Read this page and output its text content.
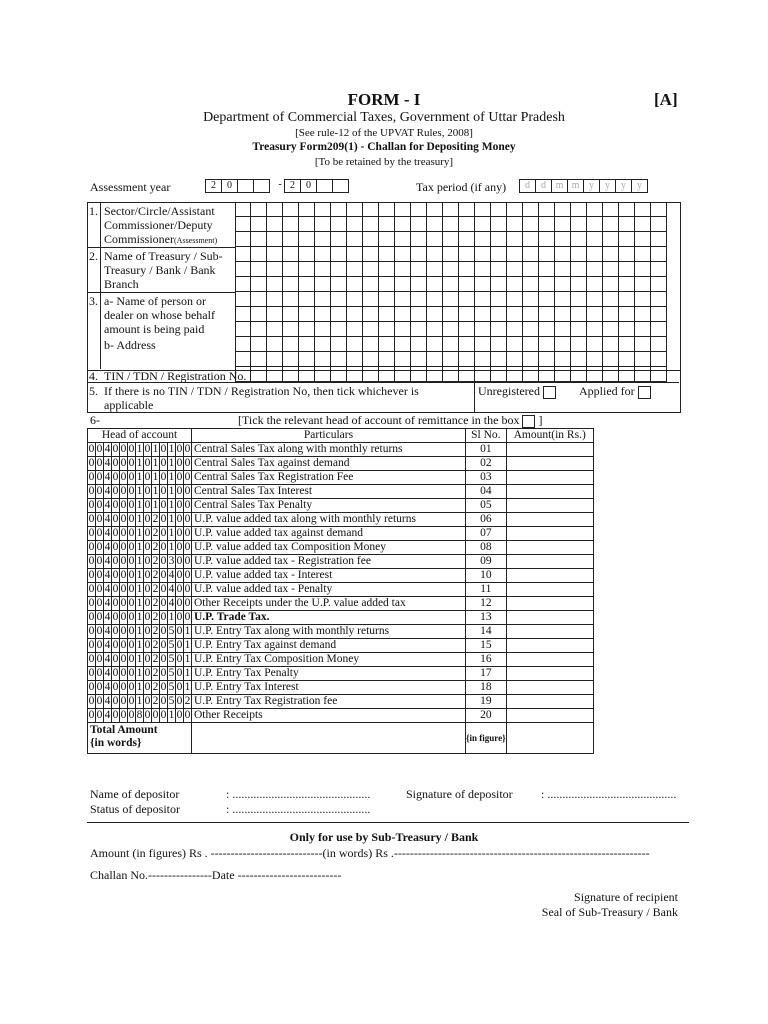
FORM - I	[A]
Department of Commercial Taxes, Government of Uttar Pradesh
[See rule-12 of the UPVAT Rules, 2008]
Treasury Form209(1) - Challan for Depositing Money
[To be retained by the treasury]
Assessment year	2 0	- 2 0	Tax period (if any)	d d m m y y y y
1. Sector/Circle/Assistant
Commissioner/Deputy
Commissioner(Assessment)
2. Name of Treasury / Sub-
Treasury / Bank / Bank
Branch
3. a- Name of person or
dealer on whose behalf
amount is being paid
b- Address
4. TIN / TDN / Registration No.
5. If there is no TIN / TDN / Registration No, then tick whichever is
applicable
Unregistered	Applied for
6-	[Tick the relevant head of account of remittance in the box  ]
Head of account													Particulars	Sl No.	Amount(in Rs.)
0	0	4	0	0	0	1	0	1	0	1	0	0	Central Sales Tax along with monthly returns	01	
0	0	4	0	0	0	1	0	1	0	1	0	0	Central Sales Tax against demand	02	
0	0	4	0	0	0	1	0	1	0	1	0	0	Central Sales Tax Registration Fee	03	
0	0	4	0	0	0	1	0	1	0	1	0	0	Central Sales Tax Interest	04	
0	0	4	0	0	0	1	0	1	0	1	0	0	Central Sales Tax Penalty	05	
0	0	4	0	0	0	1	0	2	0	1	0	0	U.P. value added tax along with monthly returns	06	
0	0	4	0	0	0	1	0	2	0	1	0	0	U.P. value added tax against demand	07	
0	0	4	0	0	0	1	0	2	0	1	0	0	U.P. value added tax Composition Money	08	
0	0	4	0	0	0	1	0	2	0	3	0	0	U.P. value added tax - Registration fee	09	
0	0	4	0	0	0	1	0	2	0	4	0	0	U.P. value added tax - Interest	10	
0	0	4	0	0	0	1	0	2	0	4	0	0	U.P. value added tax - Penalty	11	
0	0	4	0	0	0	1	0	2	0	4	0	0	Other Receipts under the U.P. value added tax	12	
0	0	4	0	0	0	1	0	2	0	1	0	0	U.P. Trade Tax.	13	
0	0	4	0	0	0	1	0	2	0	5	0	1	U.P. Entry Tax along with monthly returns	14	
0	0	4	0	0	0	1	0	2	0	5	0	1	U.P. Entry Tax against demand	15	
0	0	4	0	0	0	1	0	2	0	5	0	1	U.P. Entry Tax Composition Money	16	
0	0	4	0	0	0	1	0	2	0	5	0	1	U.P. Entry Tax Penalty	17	
0	0	4	0	0	0	1	0	2	0	5	0	1	U.P. Entry Tax Interest	18	
0	0	4	0	0	0	1	0	2	0	5	0	2	U.P. Entry Tax Registration fee	19	
0	0	4	0	0	0	8	0	0	0	1	0	0	Other Receipts	20	

Total Amount
{in words}														{in figure}	
Name of depositor	: ..............................................
Status of depositor	: ..............................................
Signature of depositor : ...........................................
Only for use by Sub-Treasury / Bank
Amount (in figures) Rs . ----------------------------(in words) Rs .----------------------------------------------------------------
Challan No.----------------Date --------------------------
Signature of recipient
Seal of Sub-Treasury / Bank
